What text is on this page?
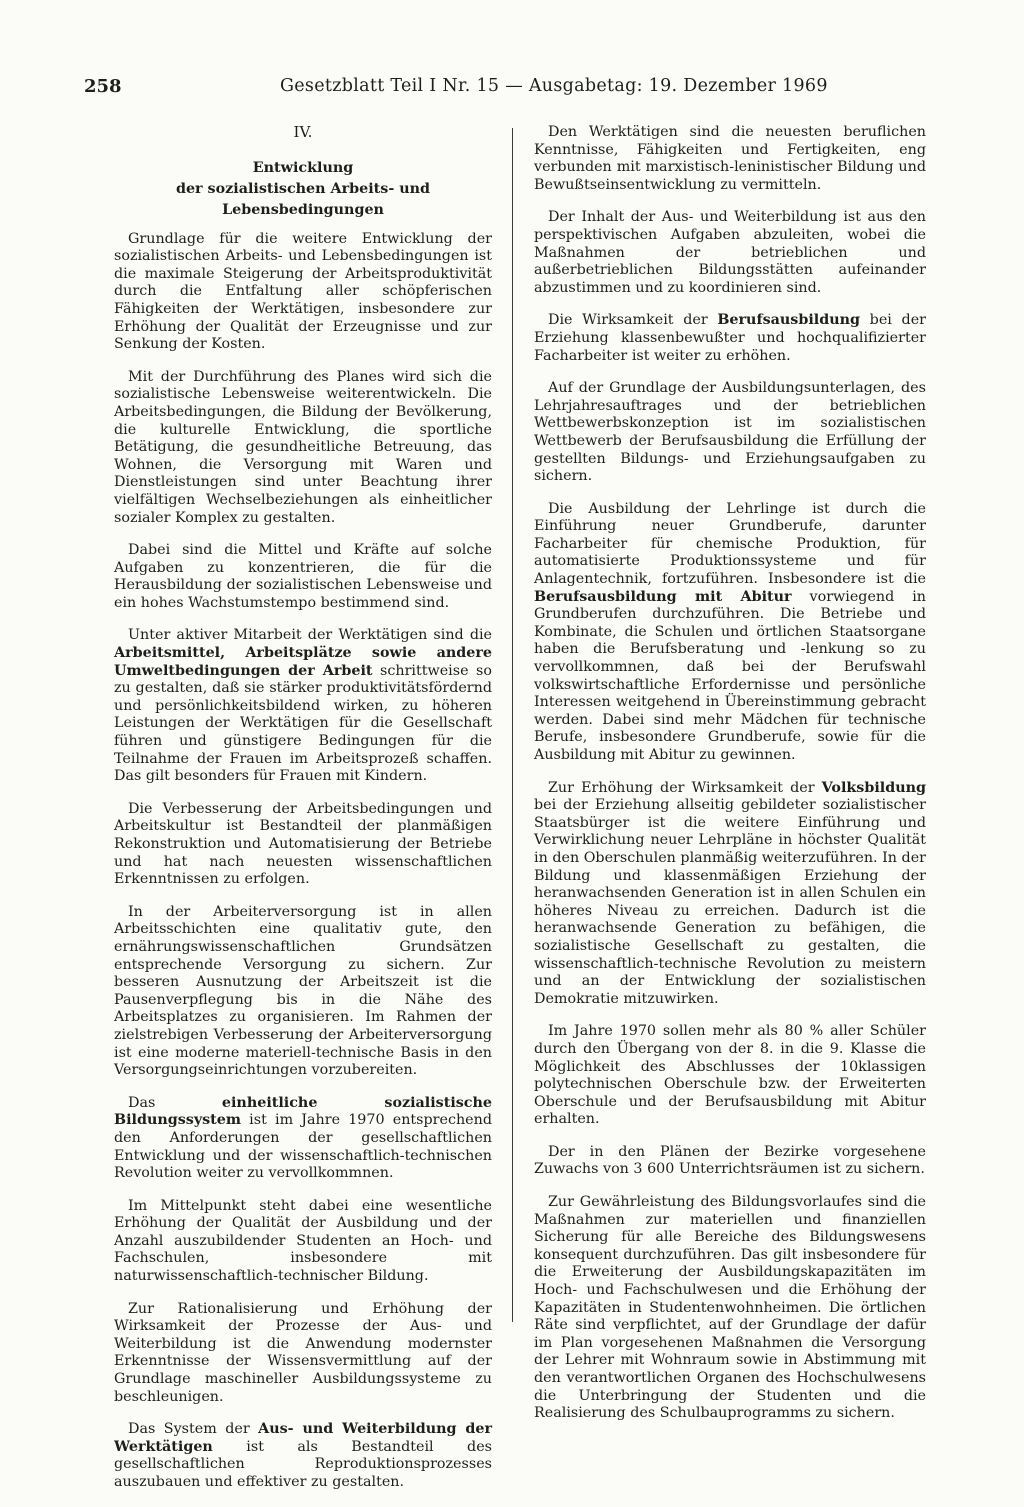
258	Gesetzblatt Teil I Nr. 15 — Ausgabetag: 19. Dezember 1969
IV.
Entwicklung
der sozialistischen Arbeits- und Lebensbedingungen

Grundlage für die weitere Entwicklung der sozialistischen Arbeits- und Lebensbedingungen ist die maximale Steigerung der Arbeitsproduktivität durch die Entfaltung aller schöpferischen Fähigkeiten der Werktätigen, insbesondere zur Erhöhung der Qualität der Erzeugnisse und zur Senkung der Kosten.

Mit der Durchführung des Planes wird sich die sozialistische Lebensweise weiterentwickeln. Die Arbeitsbedingungen, die Bildung der Bevölkerung, die kulturelle Entwicklung, die sportliche Betätigung, die gesundheitliche Betreuung, das Wohnen, die Versorgung mit Waren und Dienstleistungen sind unter Beachtung ihrer vielfältigen Wechselbeziehungen als einheitlicher sozialer Komplex zu gestalten.

Dabei sind die Mittel und Kräfte auf solche Aufgaben zu konzentrieren, die für die Herausbildung der sozialistischen Lebensweise und ein hohes Wachstumstempo bestimmend sind.

Unter aktiver Mitarbeit der Werktätigen sind die Arbeitsmittel, Arbeitsplätze sowie andere Umweltbedingungen der Arbeit schrittweise so zu gestalten, daß sie stärker produktivitätsfördernd und persönlichkeitsbildend wirken, zu höheren Leistungen der Werktätigen für die Gesellschaft führen und günstigere Bedingungen für die Teilnahme der Frauen im Arbeitsprozeß schaffen. Das gilt besonders für Frauen mit Kindern.

Die Verbesserung der Arbeitsbedingungen und Arbeitskultur ist Bestandteil der planmäßigen Rekonstruktion und Automatisierung der Betriebe und hat nach neuesten wissenschaftlichen Erkenntnissen zu erfolgen.

In der Arbeiterversorgung ist in allen Arbeitsschichten eine qualitativ gute, den ernährungswissenschaftlichen Grundsätzen entsprechende Versorgung zu sichern. Zur besseren Ausnutzung der Arbeitszeit ist die Pausenverpflegung bis in die Nähe des Arbeitsplatzes zu organisieren. Im Rahmen der zielstrebigen Verbesserung der Arbeiterversorgung ist eine moderne materiell-technische Basis in den Versorgungseinrichtungen vorzubereiten.

Das einheitliche sozialistische Bildungssystem ist im Jahre 1970 entsprechend den Anforderungen der gesellschaftlichen Entwicklung und der wissenschaftlich-technischen Revolution weiter zu vervollkommnen.

Im Mittelpunkt steht dabei eine wesentliche Erhöhung der Qualität der Ausbildung und der Anzahl auszubildender Studenten an Hoch- und Fachschulen, insbesondere mit naturwissenschaftlich-technischer Bildung.

Zur Rationalisierung und Erhöhung der Wirksamkeit der Prozesse der Aus- und Weiterbildung ist die Anwendung modernster Erkenntnisse der Wissensvermittlung auf der Grundlage maschineller Ausbildungssysteme zu beschleunigen.

Das System der Aus- und Weiterbildung der Werktätigen ist als Bestandteil des gesellschaftlichen Reproduktionsprozesses auszubauen und effektiver zu gestalten.

Den Werktätigen sind die neuesten beruflichen Kenntnisse, Fähigkeiten und Fertigkeiten, eng verbunden mit marxistisch-leninistischer Bildung und Bewußtseinsentwicklung zu vermitteln.

Der Inhalt der Aus- und Weiterbildung ist aus den perspektivischen Aufgaben abzuleiten, wobei die Maßnahmen der betrieblichen und außerbetrieblichen Bildungsstätten aufeinander abzustimmen und zu koordinieren sind.

Die Wirksamkeit der Berufsausbildung bei der Erziehung klassenbewußter und hochqualifizierter Facharbeiter ist weiter zu erhöhen.

Auf der Grundlage der Ausbildungsunterlagen, des Lehrjahresauftrages und der betrieblichen Wettbewerbskonzeption ist im sozialistischen Wettbewerb der Berufsausbildung die Erfüllung der gestellten Bildungs- und Erziehungsaufgaben zu sichern.

Die Ausbildung der Lehrlinge ist durch die Einführung neuer Grundberufe, darunter Facharbeiter für chemische Produktion, für automatisierte Produktionssysteme und für Anlagentechnik, fortzuführen. Insbesondere ist die Berufsausbildung mit Abitur vorwiegend in Grundberufen durchzuführen. Die Betriebe und Kombinate, die Schulen und örtlichen Staatsorgane haben die Berufsberatung und -lenkung so zu vervollkommnen, daß bei der Berufswahl volkswirtschaftliche Erfordernisse und persönliche Interessen weitgehend in Übereinstimmung gebracht werden. Dabei sind mehr Mädchen für technische Berufe, insbesondere Grundberufe, sowie für die Ausbildung mit Abitur zu gewinnen.

Zur Erhöhung der Wirksamkeit der Volksbildung bei der Erziehung allseitig gebildeter sozialistischer Staatsbürger ist die weitere Einführung und Verwirklichung neuer Lehrpläne in höchster Qualität in den Oberschulen planmäßig weiterzuführen. In der Bildung und klassenmäßigen Erziehung der heranwachsenden Generation ist in allen Schulen ein höheres Niveau zu erreichen. Dadurch ist die heranwachsende Generation zu befähigen, die sozialistische Gesellschaft zu gestalten, die wissenschaftlich-technische Revolution zu meistern und an der Entwicklung der sozialistischen Demokratie mitzuwirken.

Im Jahre 1970 sollen mehr als 80 % aller Schüler durch den Übergang von der 8. in die 9. Klasse die Möglichkeit des Abschlusses der 10klassigen polytechnischen Oberschule bzw. der Erweiterten Oberschule und der Berufsausbildung mit Abitur erhalten.

Der in den Plänen der Bezirke vorgesehene Zuwachs von 3 600 Unterrichtsräumen ist zu sichern.

Zur Gewährleistung des Bildungsvorlaufes sind die Maßnahmen zur materiellen und finanziellen Sicherung für alle Bereiche des Bildungswesens konsequent durchzuführen. Das gilt insbesondere für die Erweiterung der Ausbildungskapazitäten im Hoch- und Fachschulwesen und die Erhöhung der Kapazitäten in Studentenwohnheimen. Die örtlichen Räte sind verpflichtet, auf der Grundlage der dafür im Plan vorgesehenen Maßnahmen die Versorgung der Lehrer mit Wohnraum sowie in Abstimmung mit den verantwortlichen Organen des Hochschulwesens die Unterbringung der Studenten und die Realisierung des Schulbauprogramms zu sichern.
